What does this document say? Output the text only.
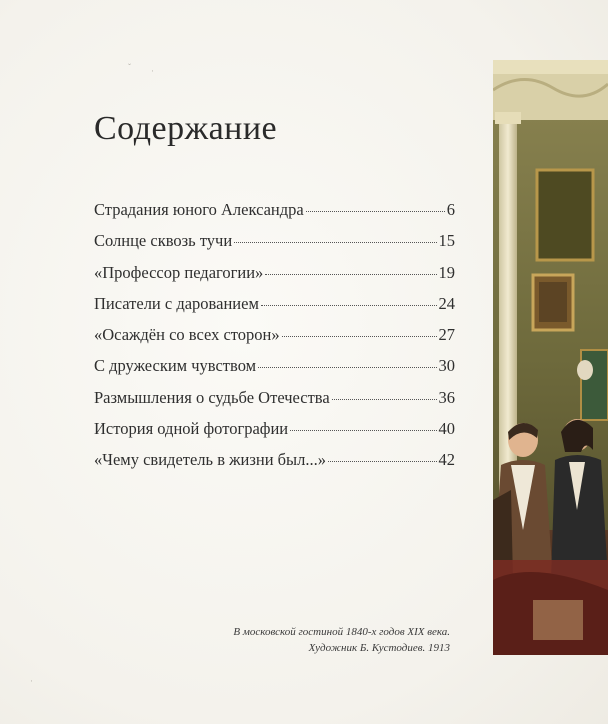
ˇ ·
·
Содержание
Страдания юного Александра	6
Солнце сквозь тучи	15
«Профессор педагогии»	19
Писатели с дарованием	24
«Осаждён со всех сторон»	27
С дружеским чувством	30
Размышления о судьбе Отечества	36
История одной фотографии	40
«Чему свидетель в жизни был...»	42
В московской гостиной 1840-х годов XIX века.
Художник Б. Кустодиев. 1913
